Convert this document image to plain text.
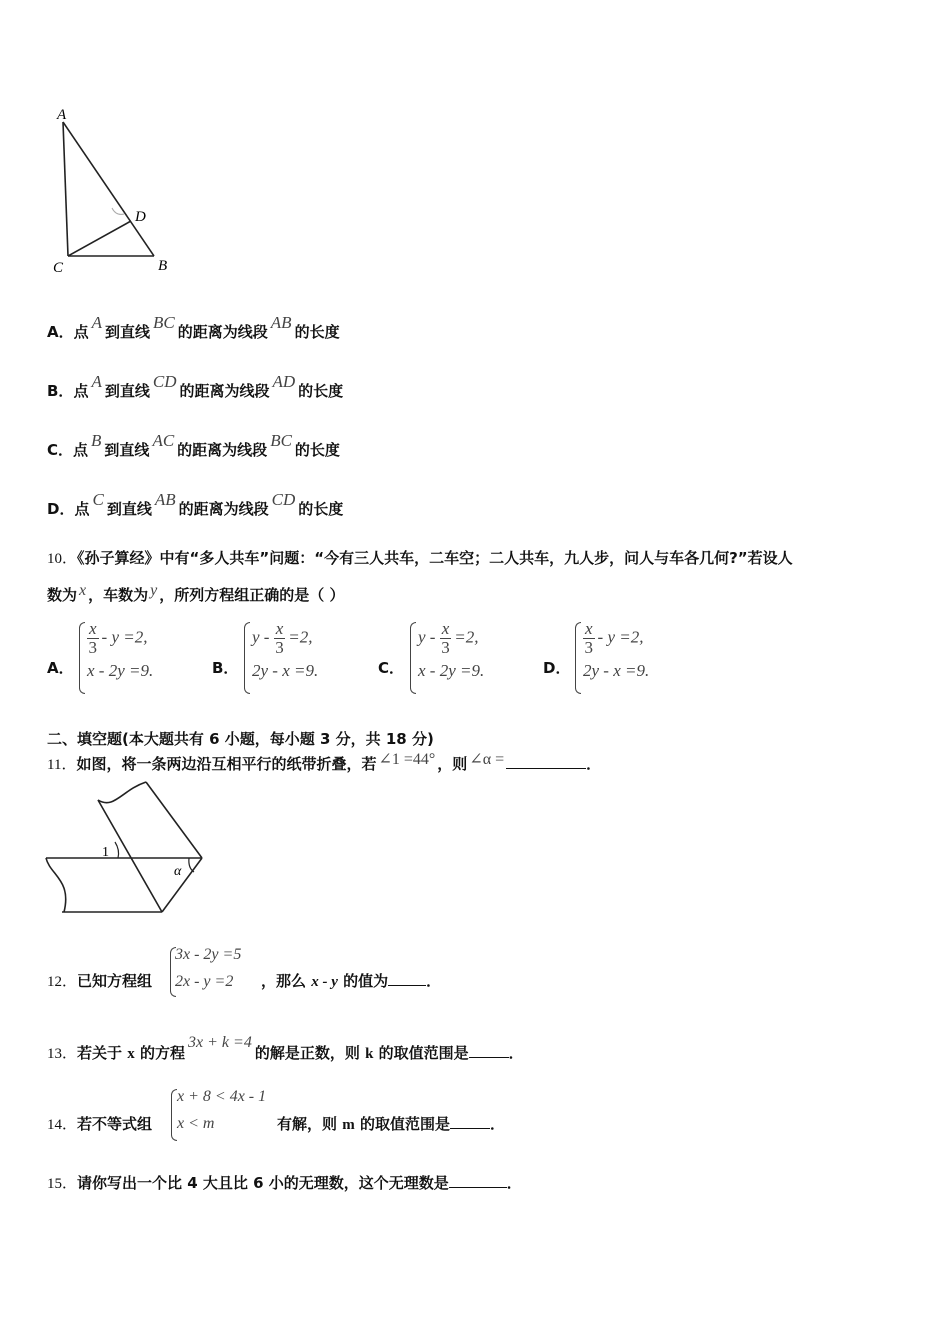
A
C	B
D
A．点 A 到直线 BC 的距离为线段 AB 的长度
B．点 A 到直线 CD 的距离为线段 AD 的长度
C．点 B 到直线 AC 的距离为线段 BC 的长度
D．点 C 到直线 AB 的距离为线段 CD 的长度
10．《孙子算经》中有“多人共车”问题：“今有三人共车，二车空；二人共车，九人步，问人与车各几何?”若设人
数为 x ，车数为 y ，所列方程组正确的是（ ）
A．
$\frac{x}{3} - y =2$,
x - 2y =9.	B．
$y - \frac{x}{3} =2$,
2y - x =9.	C．
$y - \frac{x}{3} =2$,
x - 2y =9.	D．
$\frac{x}{3} - y =2$,
2y - x =9.
二、填空题(本大题共有 6 小题，每小题 3 分，共 18 分)
11．如图，将一条两边沿互相平行的纸带折叠，若 ∠1 =44° ，则 ∠α =	．
1
α
12．已知方程组
3x - 2y =5
2x - y =2	，那么 x - y 的值为	．
13．若关于 x 的方程3x + k =4的解是正数，则 k 的取值范围是	．
14．若不等式组
x + 8 < 4x - 1
x < m	有解，则 m 的取值范围是	．
15．请你写出一个比 4 大且比 6 小的无理数，这个无理数是	．
